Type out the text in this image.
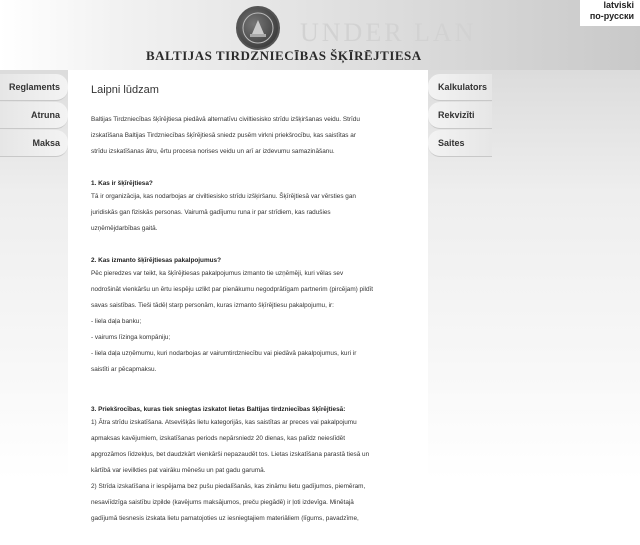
UNDER LAN
BALTIJAS TIRDZNIECĪBAS ŠĶĪRĒJTIESA
latviski
по-русски
Reglaments
Atruna
Maksa
Kalkulators
Rekvizīti
Saites
Laipni lūdzam

Baltijas Tirdzniecības šķīrējtiesa piedāvā alternatīvu civiltiesisko strīdu izšķiršanas veidu. Strīdu
izskatīšana Baltijas Tirdzniecības šķīrējtiesā sniedz pusēm virkni priekšrocību, kas saistītas ar
strīdu izskatīšanas ātru, ērtu procesa norises veidu un arī ar izdevumu samazināšanu.

1. Kas ir šķīrējtiesa?

Tā ir organizācija, kas nodarbojas ar civiltiesisko strīdu izšķiršanu. Šķīrējtiesā var vērsties gan
juridiskās gan fiziskās personas. Vairumā gadījumu runa ir par strīdiem, kas radušies
uzņēmējdarbības gaitā.

2. Kas izmanto šķīrējtiesas pakalpojumus?

Pēc pieredzes var teikt, ka šķīrējtiesas pakalpojumus izmanto tie uzņēmēji, kuri vēlas sev
nodrošināt vienkāršu un ērtu iespēju uzlikt par pienākumu negodprātīgam partnerim (pircējam) pildīt
savas saistības. Tieši tādēļ starp personām, kuras izmanto šķīrējtiesu pakalpojumu, ir:
- liela daļa banku;
- vairums līzinga kompāniju;
- liela daļa uzņēmumu, kuri nodarbojas ar vairumtirdzniecību vai piedāvā pakalpojumus, kuri ir
saistīti ar pēcapmaksu.

3. Priekšrocības, kuras tiek sniegtas izskatot lietas Baltijas tirdzniecības šķīrējtiesā:

1) Ātra strīdu izskatīšana. Atsevišķās lietu kategorijās, kas saistītas ar preces vai pakalpojumu
apmaksas kavējumiem, izskatīšanas periods nepārsniedz 20 dienas, kas palīdz neieslīdēt
apgrozāmos līdzekļus, bet daudzkārt vienkārši nepazaudēt tos. Lietas izskatīšana parastā tiesā un
kārtībā var ievilkties pat vairāku mēnešu un pat gadu garumā.
2) Strīda izskatīšana ir iespējama bez pušu piedalīšanās, kas zināmu lietu gadījumos, piemēram,
nesaviīdzīga saistību izpilde (kavējums maksājumos, preču piegādē) ir ļoti izdevīga. Minētajā
gadījumā tiesnesis izskata lietu pamatojoties uz iesniegtajiem materiāliem (līgums, pavadzīme,
